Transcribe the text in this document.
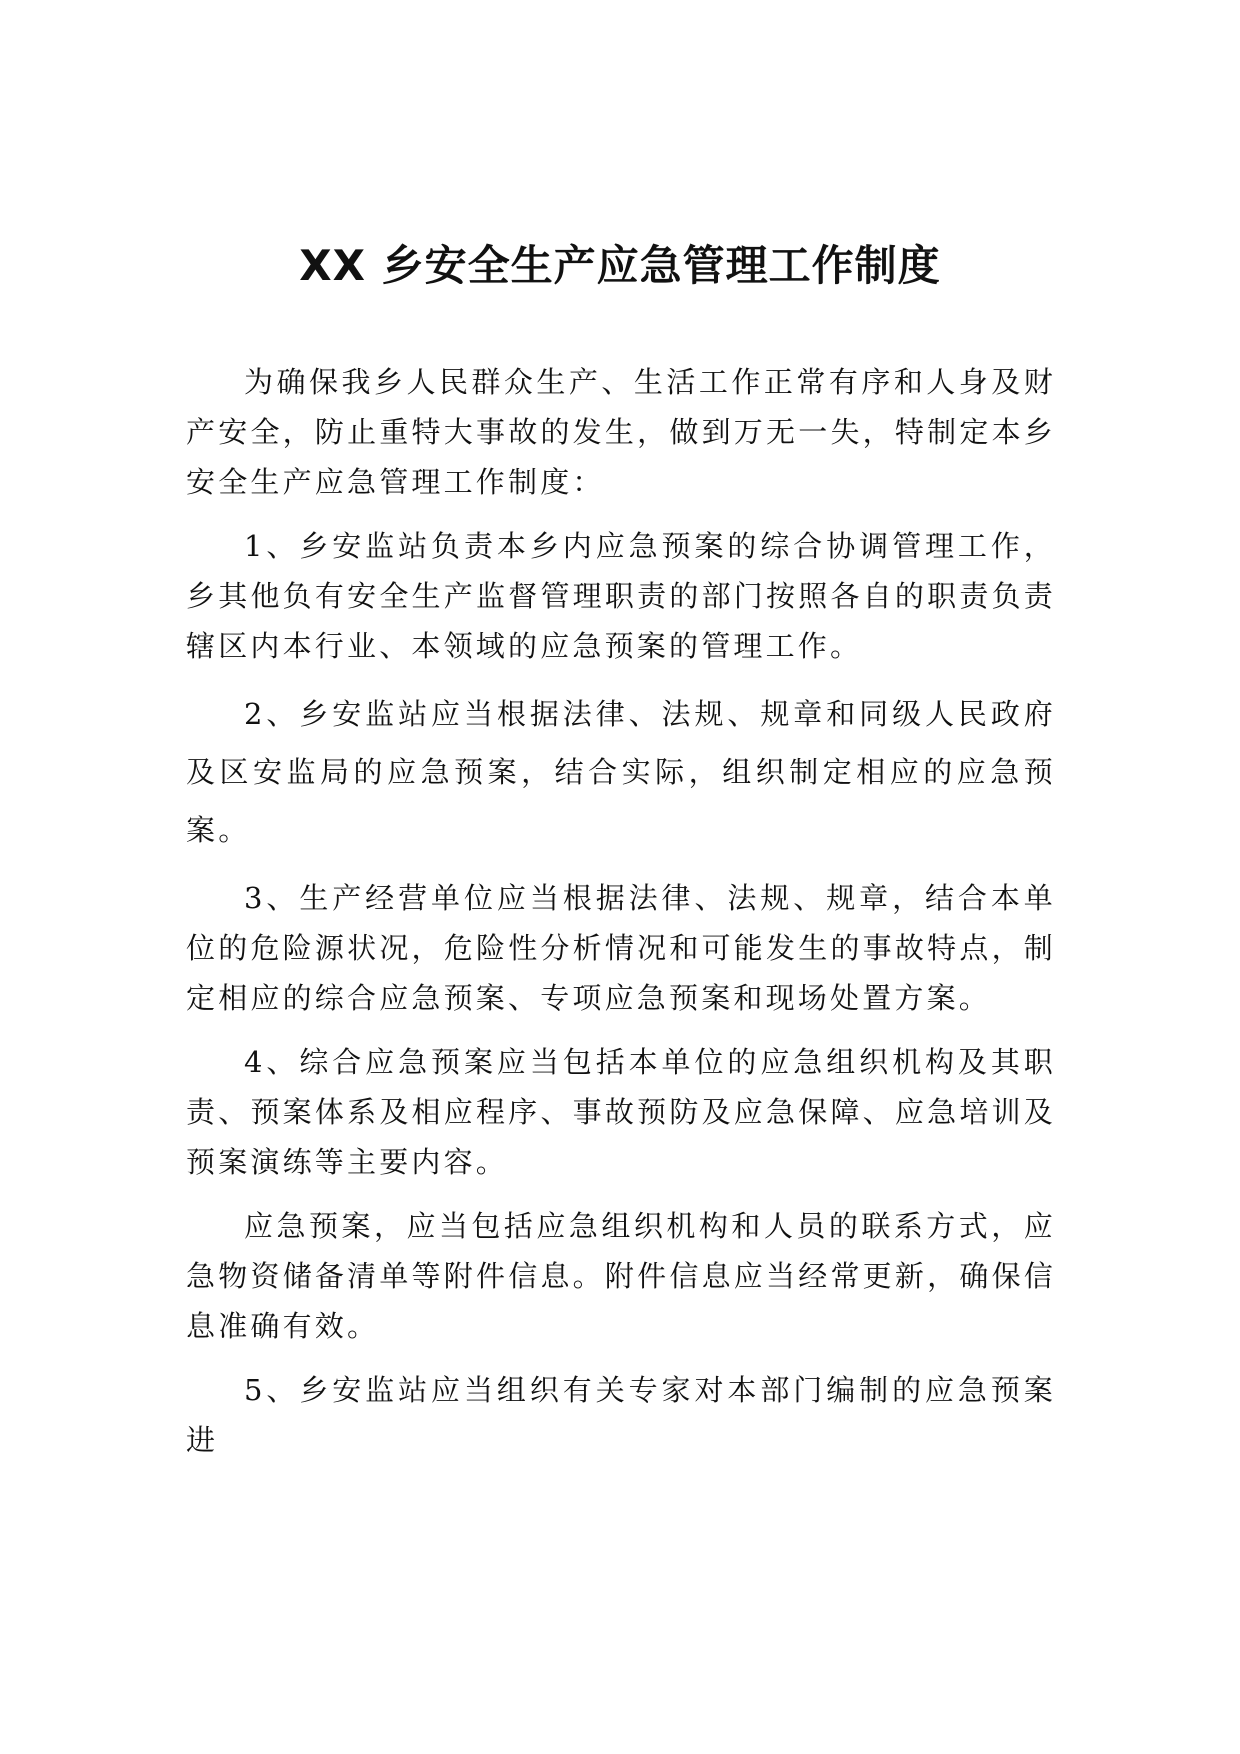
XX 乡安全生产应急管理工作制度

为确保我乡人民群众生产、生活工作正常有序和人身及财产安全，防止重特大事故的发生，做到万无一失，特制定本乡安全生产应急管理工作制度：

1、乡安监站负责本乡内应急预案的综合协调管理工作，乡其他负有安全生产监督管理职责的部门按照各自的职责负责辖区内本行业、本领域的应急预案的管理工作。

2、乡安监站应当根据法律、法规、规章和同级人民政府及区安监局的应急预案，结合实际，组织制定相应的应急预案。

3、生产经营单位应当根据法律、法规、规章，结合本单位的危险源状况，危险性分析情况和可能发生的事故特点，制定相应的综合应急预案、专项应急预案和现场处置方案。

4、综合应急预案应当包括本单位的应急组织机构及其职责、预案体系及相应程序、事故预防及应急保障、应急培训及预案演练等主要内容。

应急预案，应当包括应急组织机构和人员的联系方式，应急物资储备清单等附件信息。附件信息应当经常更新，确保信息准确有效。

5、乡安监站应当组织有关专家对本部门编制的应急预案进
